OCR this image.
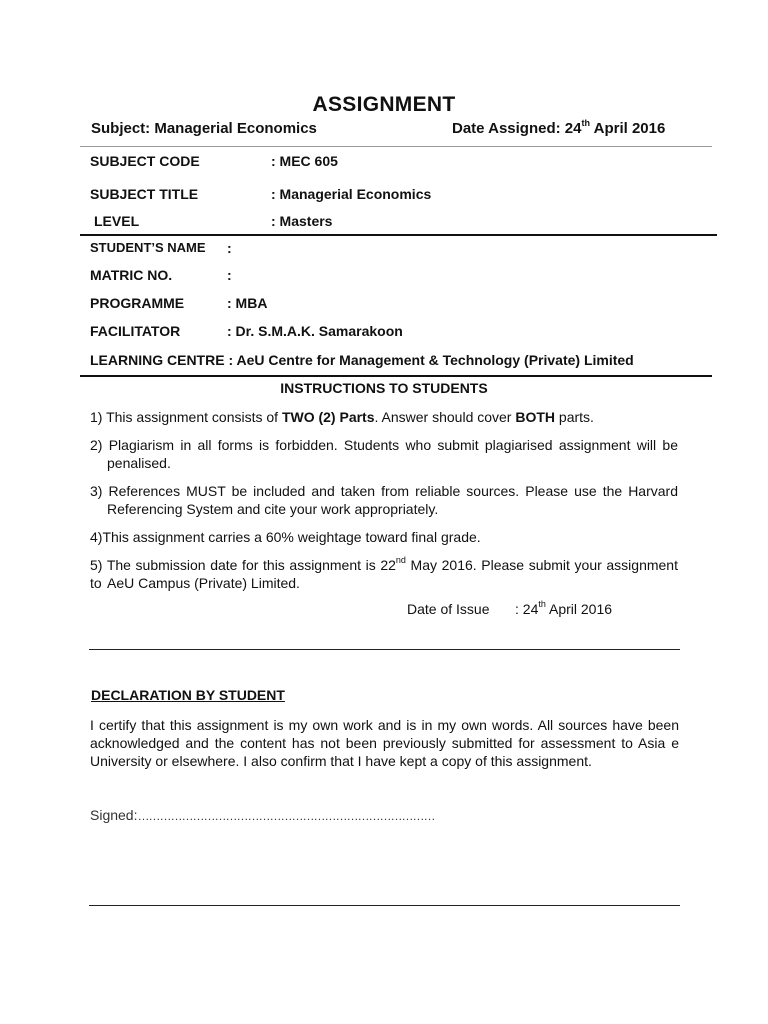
ASSIGNMENT
Subject: Managerial Economics	Date Assigned: 24th April 2016
SUBJECT CODE	: MEC 605
SUBJECT TITLE	: Managerial Economics
LEVEL	: Masters
STUDENT’S NAME :
MATRIC NO.	:
PROGRAMME	: MBA
FACILITATOR	: Dr. S.M.A.K. Samarakoon
LEARNING CENTRE : AeU Centre for Management & Technology (Private) Limited
INSTRUCTIONS TO STUDENTS
1) This assignment consists of TWO (2) Parts. Answer should cover BOTH parts.
2) Plagiarism in all forms is forbidden. Students who submit plagiarised assignment will be
penalised.
3) References MUST be included and taken from reliable sources. Please use the Harvard
Referencing System and cite your work appropriately.
4)This assignment carries a 60% weightage toward final grade.
5) The submission date for this assignment is 22nd May 2016. Please submit your assignment to AeU Campus (Private) Limited.
Date of Issue : 24th April 2016
DECLARATION BY STUDENT
I certify that this assignment is my own work and is in my own words. All sources have been acknowledged and the content has not been previously submitted for assessment to Asia e University or elsewhere. I also confirm that I have kept a copy of this assignment.
Signed:………………………………………………………………………
